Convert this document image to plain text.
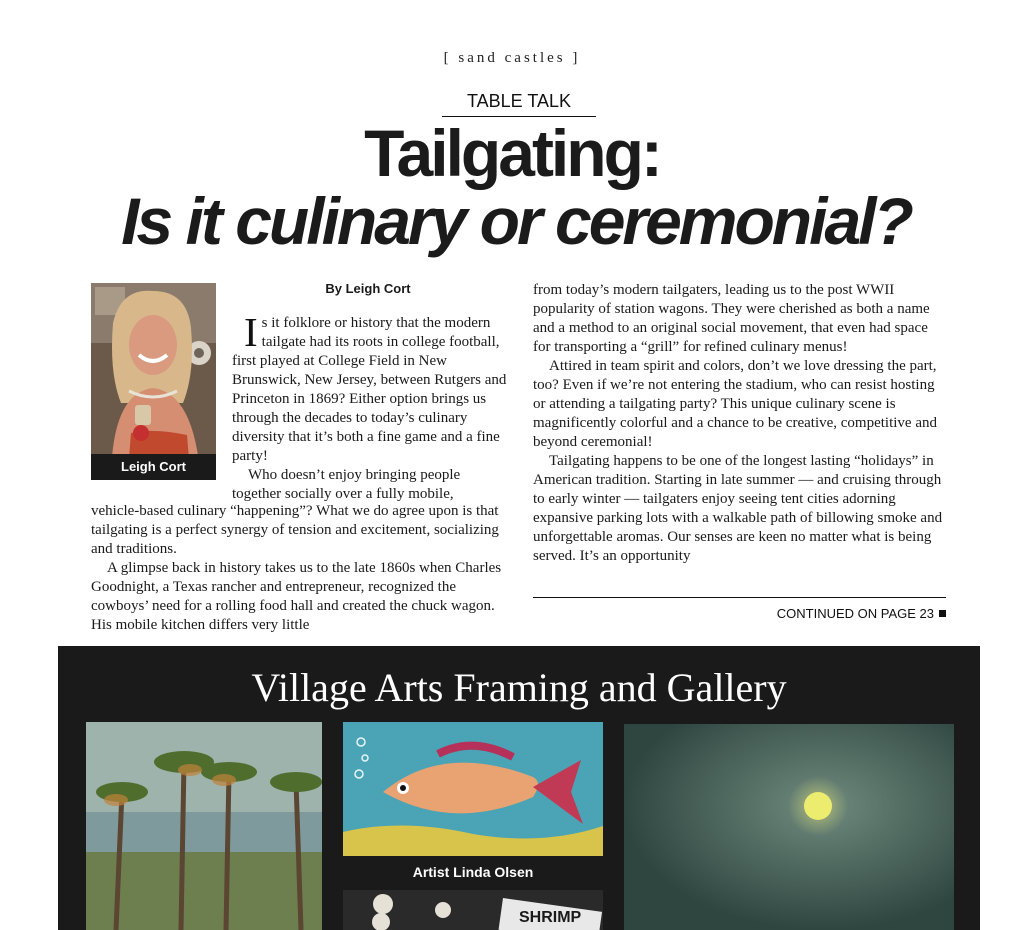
[ sand castles ]
TABLE TALK
Tailgating:
Is it culinary or ceremonial?
Leigh Cort
By Leigh Cort

Is it folklore or history that the modern tailgate had its roots in college football, first played at College Field in New Brunswick, New Jersey, between Rutgers and Princeton in 1869? Either option brings us through the decades to today’s culinary diversity that it’s both a fine game and a fine party!

Who doesn’t enjoy bringing people together socially over a fully mobile,

vehicle-based culinary “happening”? What we do agree upon is that tailgating is a perfect synergy of tension and excitement, socializing and traditions.

A glimpse back in history takes us to the late 1860s when Charles Goodnight, a Texas rancher and entrepreneur, recognized the cowboys’ need for a rolling food hall and created the chuck wagon. His mobile kitchen differs very little

from today’s modern tailgaters, leading us to the post WWII popularity of station wagons. They were cherished as both a name and a method to an original social movement, that even had space for transporting a “grill” for refined culinary menus!

Attired in team spirit and colors, don’t we love dressing the part, too? Even if we’re not entering the stadium, who can resist hosting or attending a tailgating party? This unique culinary scene is magnificently colorful and a chance to be creative, competitive and beyond ceremonial!

Tailgating happens to be one of the longest lasting “holidays” in American tradition. Starting in late summer — and cruising through to early winter — tailgaters enjoy seeing tent cities adorning expansive parking lots with a walkable path of billowing smoke and unforgettable aromas. Our senses are keen no matter what is being served. It’s an opportunity

CONTINUED ON PAGE 23
Village Arts Framing and Gallery
Artist Linda Olsen
SHRIMP
